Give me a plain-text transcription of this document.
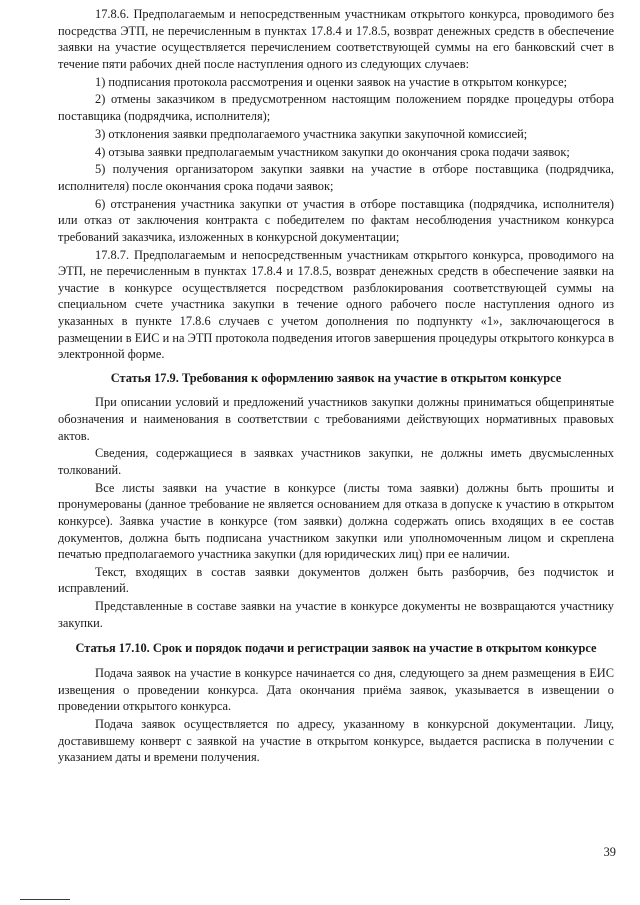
17.8.6. Предполагаемым и непосредственным участникам открытого конкурса, проводимого без посредства ЭТП, не перечисленным в пунктах 17.8.4 и 17.8.5, возврат денежных средств в обеспечение заявки на участие осуществляется перечислением соответствующей суммы на его банковский счет в течение пяти рабочих дней после наступления одного из следующих случаев:

1) подписания протокола рассмотрения и оценки заявок на участие в открытом конкурсе;

2) отмены заказчиком в предусмотренном настоящим положением порядке процедуры отбора поставщика (подрядчика, исполнителя);

3) отклонения заявки предполагаемого участника закупки закупочной комиссией;

4) отзыва заявки предполагаемым участником закупки до окончания срока подачи заявок;

5) получения организатором закупки заявки на участие в отборе поставщика (подрядчика, исполнителя) после окончания срока подачи заявок;

6) отстранения участника закупки от участия в отборе поставщика (подрядчика, исполнителя) или отказ от заключения контракта с победителем по фактам несоблюдения участником конкурса требований заказчика, изложенных в конкурсной документации;

17.8.7. Предполагаемым и непосредственным участникам открытого конкурса, проводимого на ЭТП, не перечисленным в пунктах 17.8.4 и 17.8.5, возврат денежных средств в обеспечение заявки на участие в конкурсе осуществляется посредством разблокирования соответствующей суммы на специальном счете участника закупки в течение одного рабочего после наступления одного из указанных в пункте 17.8.6 случаев с учетом дополнения по подпункту «1», заключающегося в размещении в ЕИС и на ЭТП протокола подведения итогов завершения процедуры открытого конкурса в электронной форме.

Статья 17.9. Требования к оформлению заявок на участие в открытом конкурсе

При описании условий и предложений участников закупки должны приниматься общепринятые обозначения и наименования в соответствии с требованиями действующих нормативных правовых актов.

Сведения, содержащиеся в заявках участников закупки, не должны иметь двусмысленных толкований.

Все листы заявки на участие в конкурсе (листы тома заявки) должны быть прошиты и пронумерованы (данное требование не является основанием для отказа в допуске к участию в открытом конкурсе). Заявка участие в конкурсе (том заявки) должна содержать опись входящих в ее состав документов, должна быть подписана участником закупки или уполномоченным лицом и скреплена печатью предполагаемого участника закупки (для юридических лиц) при ее наличии.

Текст, входящих в состав заявки документов должен быть разборчив, без подчисток и исправлений.

Представленные в составе заявки на участие в конкурсе документы не возвращаются участнику закупки.

Статья 17.10. Срок и порядок подачи и регистрации заявок на участие в открытом конкурсе

Подача заявок на участие в конкурсе начинается со дня, следующего за днем размещения в ЕИС извещения о проведении конкурса. Дата окончания приёма заявок, указывается в извещении о проведении открытого конкурса.

Подача заявок осуществляется по адресу, указанному в конкурсной документации. Лицу, доставившему конверт с заявкой на участие в открытом конкурсе, выдается расписка в получении с указанием даты и времени получения.

39
